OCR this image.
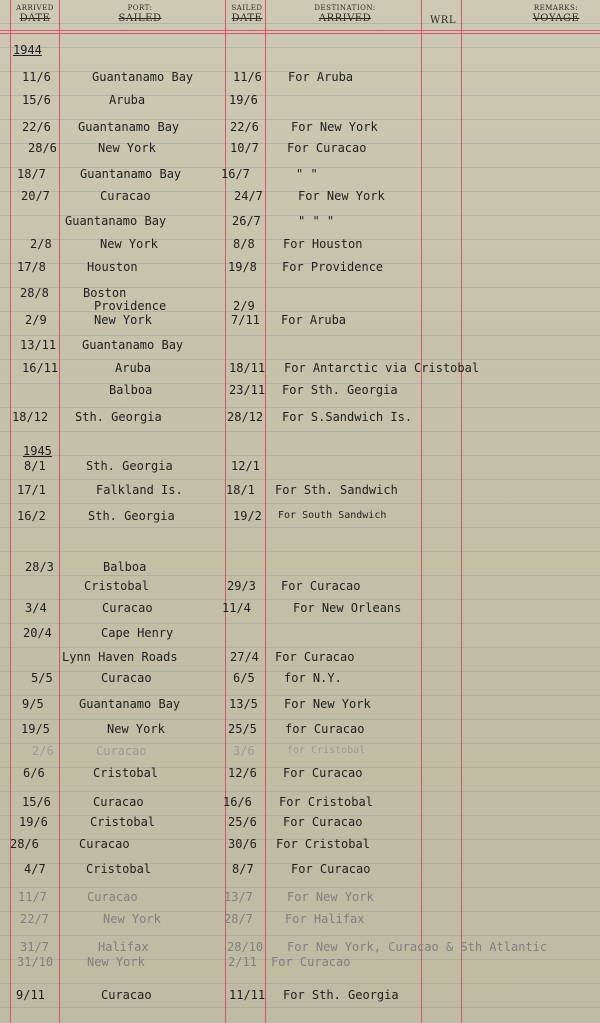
ARRIVED
DATE
PORT:
SAILED
SAILED
DATE
DESTINATION:
ARRIVED	WRL
REMARKS:
VOYAGE
1944
1945
11/6	Guantanamo Bay	11/6 For Aruba
15/6	Aruba	19/6
22/6 Guantanamo Bay	22/6	For New York
28/6	New York	10/7 For Curacao
18/7	Guantanamo Bay	16/7	" "
20/7	Curacao	24/7	For New York
Guantanamo Bay	26/7	" " "
2/8	New York	8/8 For Houston
17/8	Houston	19/8 For Providence
28/8	Boston
Providence	2/9
2/9	New York	7/11 For Aruba
13/11 Guantanamo Bay
16/11	Aruba	18/11 For Antarctic via Cristobal
Balboa	23/11 For Sth. Georgia
18/12 Sth. Georgia	28/12 For S.Sandwich Is.
8/1	Sth. Georgia	12/1
17/1	Falkland Is.	18/1 For Sth. Sandwich
16/2	Sth. Georgia	19/2 For South Sandwich
28/3	Balboa
Cristobal	29/3 For Curacao
3/4	Curacao	11/4	For New Orleans
20/4	Cape Henry
Lynn Haven Roads	27/4 For Curacao
5/5	Curacao	6/5 for N.Y.
9/5	Guantanamo Bay	13/5 For New York
19/5	New York	25/5 for Curacao
2/6	Curacao	3/6	for Cristobal
6/6	Cristobal	12/6 For Curacao
15/6	Curacao	16/6 For Cristobal
19/6	Cristobal	25/6 For Curacao
28/6	Curacao	30/6 For Cristobal
4/7	Cristobal	8/7	For Curacao
11/7	Curacao	13/7	For New York
22/7	New York	28/7	For Halifax
31/7	Halifax	28/10 For New York, Curacao & Sth Atlantic
31/10	New York	2/11 For Curacao
9/11	Curacao	11/11 For Sth. Georgia
